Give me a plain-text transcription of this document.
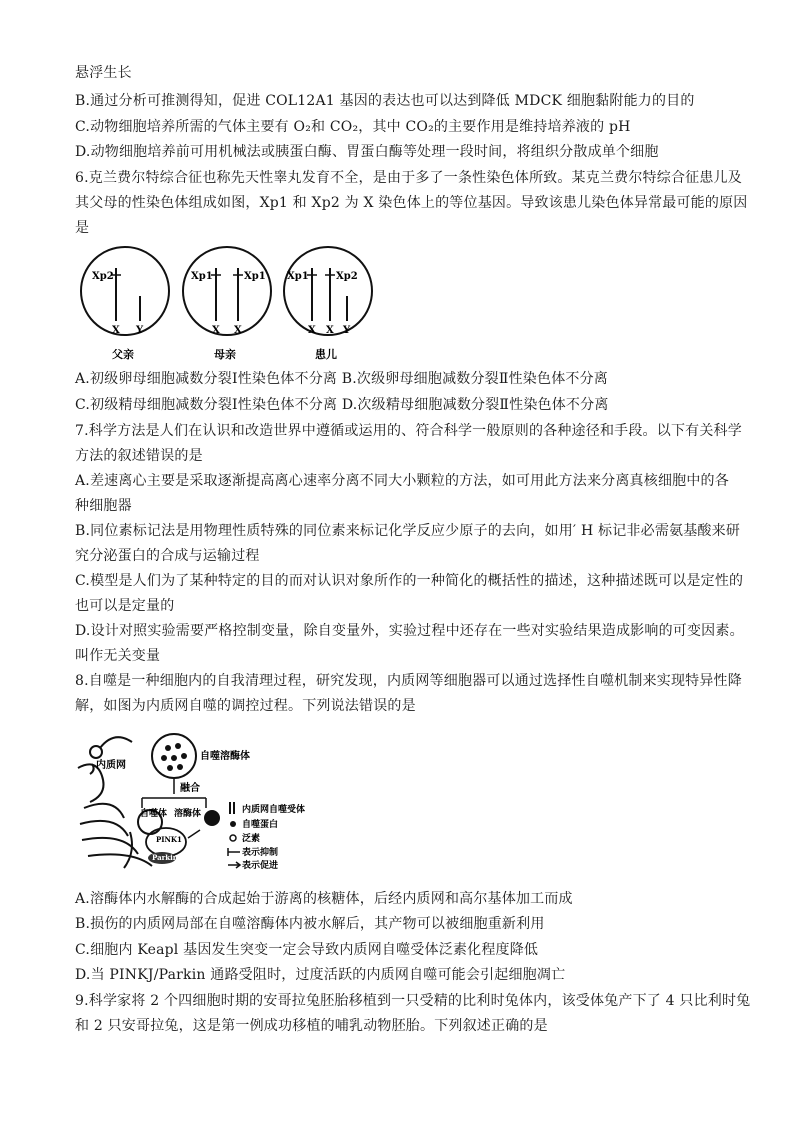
悬浮生长
B.通过分析可推测得知，促进 COL12A1 基因的表达也可以达到降低 MDCK 细胞黏附能力的目的
C.动物细胞培养所需的气体主要有 O₂和 CO₂，其中 CO₂的主要作用是维持培养液的 pH
D.动物细胞培养前可用机械法或胰蛋白酶、胃蛋白酶等处理一段时间，将组织分散成单个细胞
6.克兰费尔特综合征也称先天性睾丸发育不全，是由于多了一条性染色体所致。某克兰费尔特综合征患儿及
其父母的性染色体组成如图，Xp1 和 Xp2 为 X 染色体上的等位基因。导致该患儿染色体异常最可能的原因
是
Xp2
X Y
父亲
Xp1	Xp1
X X
母亲
Xp1	Xp2
X X Y
患儿
A.初级卵母细胞减数分裂Ⅰ性染色体不分离 B.次级卵母细胞减数分裂Ⅱ性染色体不分离
C.初级精母细胞减数分裂Ⅰ性染色体不分离 D.次级精母细胞减数分裂Ⅱ性染色体不分离
7.科学方法是人们在认识和改造世界中遵循或运用的、符合科学一般原则的各种途径和手段。以下有关科学
方法的叙述错误的是
A.差速离心主要是采取逐渐提高离心速率分离不同大小颗粒的方法，如可用此方法来分离真核细胞中的各
种细胞器
B.同位素标记法是用物理性质特殊的同位素来标记化学反应少原子的去向，如用′ H 标记非必需氨基酸来研
究分泌蛋白的合成与运输过程
C.模型是人们为了某种特定的目的而对认识对象所作的一种简化的概括性的描述，这种描述既可以是定性的
也可以是定量的
D.设计对照实验需要严格控制变量，除自变量外，实验过程中还存在一些对实验结果造成影响的可变因素。
叫作无关变量
8.自噬是一种细胞内的自我清理过程，研究发现，内质网等细胞器可以通过选择性自噬机制来实现特异性降
解，如图为内质网自噬的调控过程。下列说法错误的是
自噬溶酶体
内质网
融合
自噬体 溶酶体
PINK1
Parkin
内质网自噬受体
自噬蛋白
泛素
表示抑制
表示促进
A.溶酶体内水解酶的合成起始于游离的核糖体，后经内质网和高尔基体加工而成
B.损伤的内质网局部在自噬溶酶体内被水解后，其产物可以被细胞重新利用
C.细胞内 Keapl 基因发生突变一定会导致内质网自噬受体泛素化程度降低
D.当 PINKJ/Parkin 通路受阻时，过度活跃的内质网自噬可能会引起细胞凋亡
9.科学家将 2 个四细胞时期的安哥拉兔胚胎移植到一只受精的比利时兔体内，该受体兔产下了 4 只比利时兔
和 2 只安哥拉兔，这是第一例成功移植的哺乳动物胚胎。下列叙述正确的是
